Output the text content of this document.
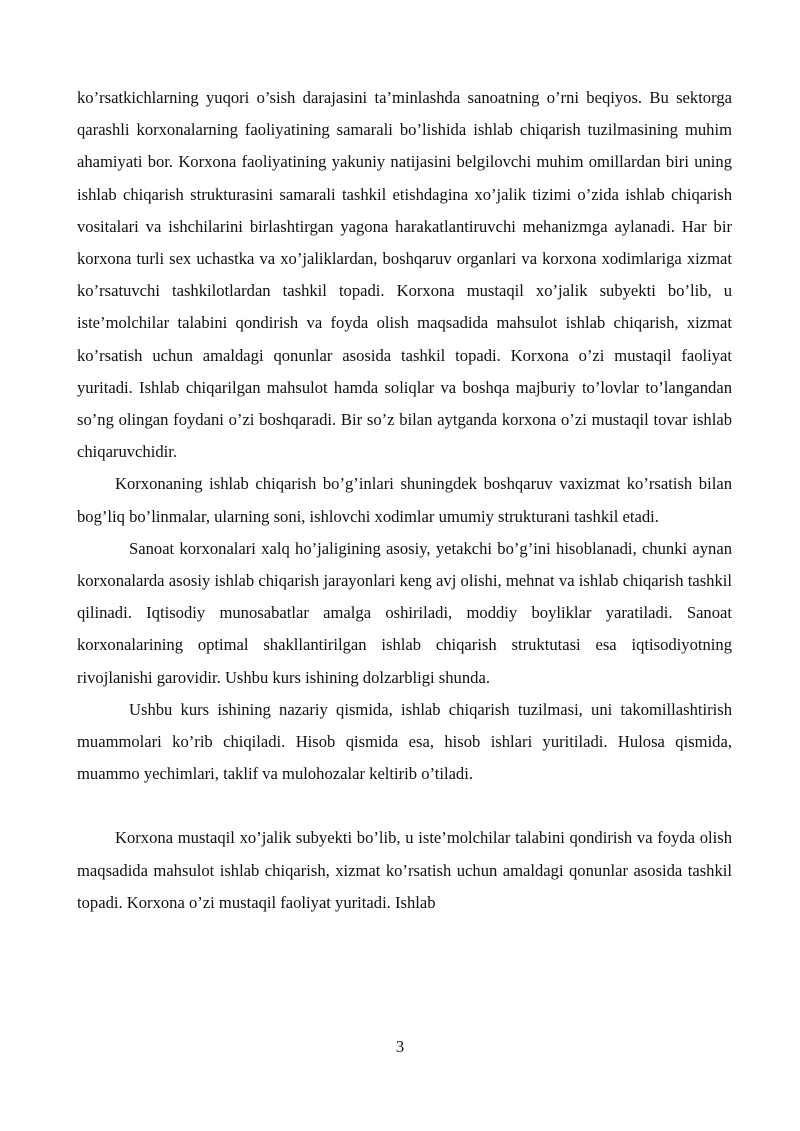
ko’rsatkichlarning yuqori o’sish darajasini ta’minlashda sanoatning o’rni beqiyos. Bu sektorga qarashli korxonalarning faoliyatining samarali bo’lishida ishlab chiqarish tuzilmasining muhim ahamiyati bor. Korxona faoliyatining yakuniy natijasini belgilovchi muhim omillardan biri uning ishlab chiqarish strukturasini samarali tashkil etishdagina xo’jalik tizimi o’zida ishlab chiqarish vositalari va ishchilarini birlashtirgan yagona harakatlantiruvchi mehanizmga aylanadi. Har bir korxona turli sex uchastka va xo’jaliklardan, boshqaruv organlari va korxona xodimlariga xizmat ko’rsatuvchi tashkilotlardan tashkil topadi. Korxona mustaqil xo’jalik subyekti bo’lib, u iste’molchilar talabini qondirish va foyda olish maqsadida mahsulot ishlab chiqarish, xizmat ko’rsatish uchun amaldagi qonunlar asosida tashkil topadi. Korxona o’zi mustaqil faoliyat yuritadi. Ishlab chiqarilgan mahsulot hamda soliqlar va boshqa majburiy to’lovlar to’langandan so’ng olingan foydani o’zi boshqaradi. Bir so’z bilan aytganda korxona o’zi mustaqil tovar ishlab chiqaruvchidir.

Korxonaning ishlab chiqarish bo’g’inlari shuningdek boshqaruv vaxizmat ko’rsatish bilan bog’liq bo’linmalar, ularning soni, ishlovchi xodimlar umumiy strukturani tashkil etadi.

Sanoat korxonalari xalq ho’jaligining asosiy, yetakchi bo’g’ini hisoblanadi, chunki aynan korxonalarda asosiy ishlab chiqarish jarayonlari keng avj olishi, mehnat va ishlab chiqarish tashkil qilinadi. Iqtisodiy munosabatlar amalga oshiriladi, moddiy boyliklar yaratiladi. Sanoat korxonalarining optimal shakllantirilgan ishlab chiqarish struktutasi esa iqtisodiyotning rivojlanishi garovidir. Ushbu kurs ishining dolzarbligi shunda.

Ushbu kurs ishining nazariy qismida, ishlab chiqarish tuzilmasi, uni takomillashtirish muammolari ko’rib chiqiladi. Hisob qismida esa, hisob ishlari yuritiladi. Hulosa qismida, muammo yechimlari, taklif va mulohozalar keltirib o’tiladi.

Korxona mustaqil xo’jalik subyekti bo’lib, u iste’molchilar talabini qondirish va foyda olish maqsadida mahsulot ishlab chiqarish, xizmat ko’rsatish uchun amaldagi qonunlar asosida tashkil topadi. Korxona o’zi mustaqil faoliyat yuritadi. Ishlab

3
